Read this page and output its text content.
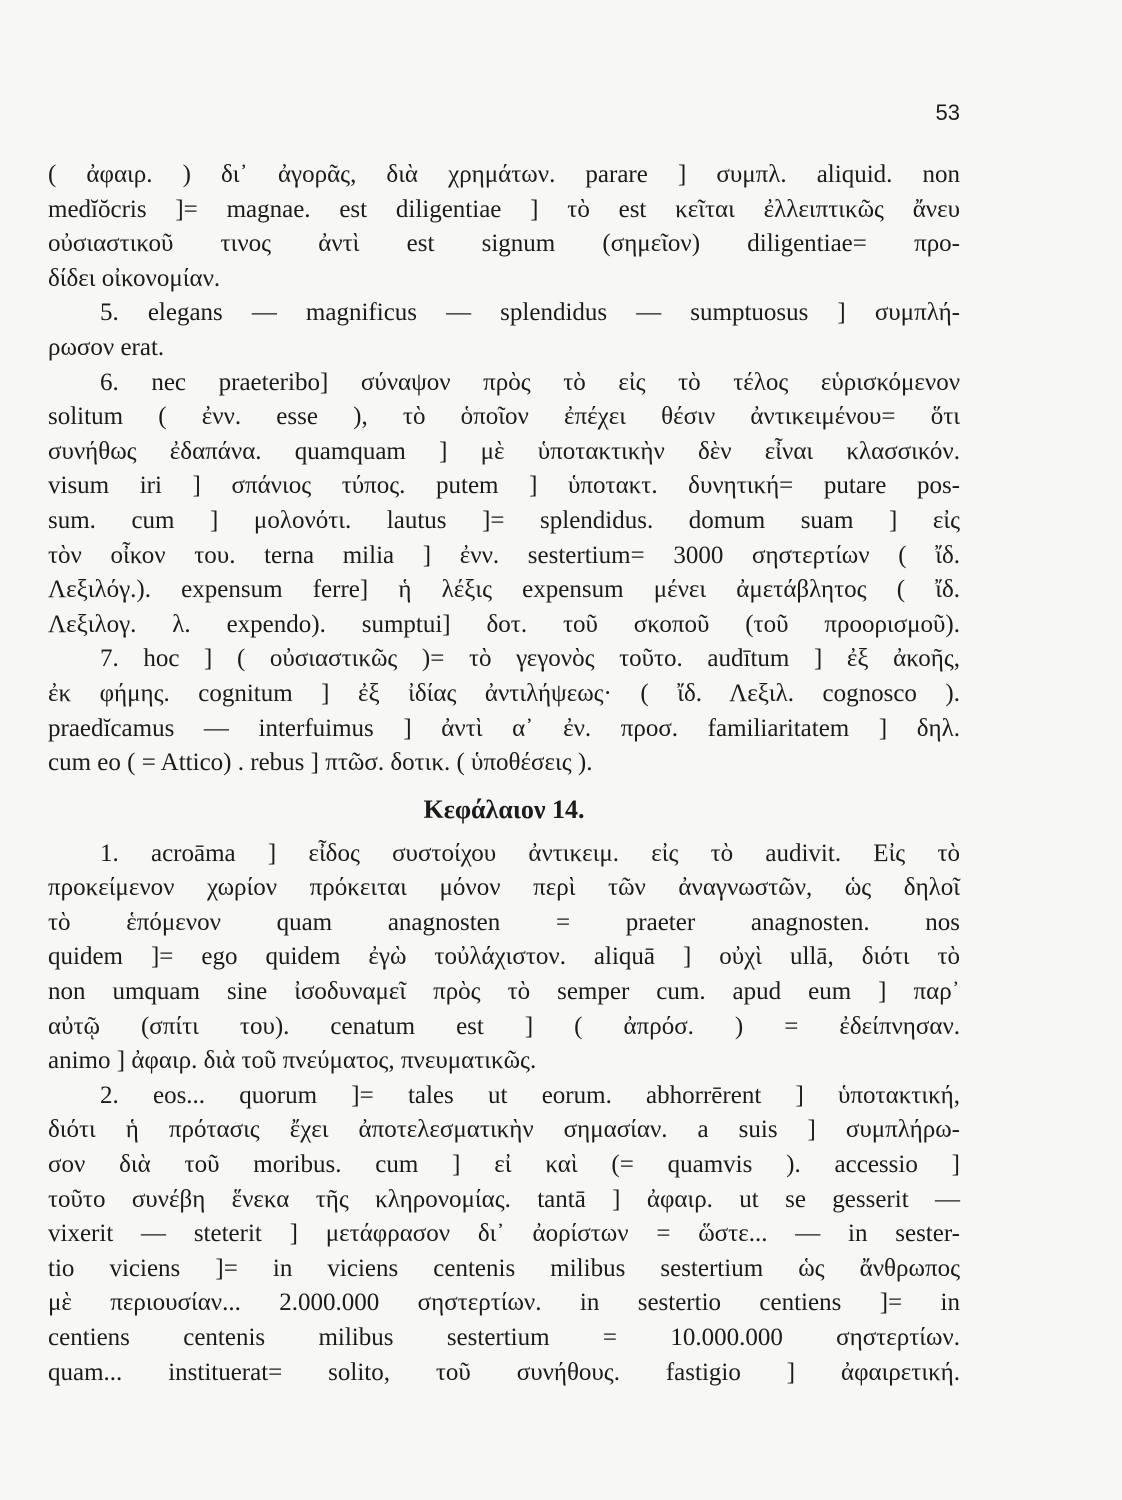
53
( ἀφαιρ. ) δι᾽ ἀγορᾶς, διὰ χρημάτων. parare ] συμπλ. aliquid. non
medĭŏcris ]= magnae. est diligentiae ] τὸ est κεῖται ἐλλειπτικῶς ἄνευ
οὐσιαστικοῦ τινος ἀντὶ est signum (σημεῖον) diligentiae= προ-
δίδει οἰκονομίαν.
5. elegans — magnificus — splendidus — sumptuosus ] συμπλή-
ρωσον erat.
6. nec praeteribo] σύναψον πρὸς τὸ εἰς τὸ τέλος εὑρισκόμενον
solitum ( ἐνν. esse ), τὸ ὁποῖον ἐπέχει θέσιν ἀντικειμένου= ὅτι
συνήθως ἐδαπάνα. quamquam ] μὲ ὑποτακτικὴν δὲν εἶναι κλασσικόν.
visum iri ] σπάνιος τύπος. putem ] ὑποτακτ. δυνητική= putare pos-
sum. cum ] μολονότι. lautus ]= splendidus. domum suam ] εἰς
τὸν οἶκον του. terna milia ] ἐνν. sestertium= 3000 σηστερτίων ( ἴδ.
Λεξιλόγ.). expensum ferre] ἡ λέξις expensum μένει ἀμετάβλητος ( ἴδ.
Λεξιλογ. λ. expendo). sumptui] δοτ. τοῦ σκοποῦ (τοῦ προορισμοῦ).
7. hoc ] ( οὐσιαστικῶς )= τὸ γεγονὸς τοῦτο. audītum ] ἐξ ἀκοῆς,
ἐκ φήμης. cognitum ] ἐξ ἰδίας ἀντιλήψεως· ( ἴδ. Λεξιλ. cognosco ).
praedĭcamus — interfuimus ] ἀντὶ α᾽ ἐν. προσ. familiaritatem ] δηλ.
cum eo ( = Attico) . rebus ] πτῶσ. δοτικ. ( ὑποθέσεις ).
Κεφάλαιον 14.
1. acroāma ] εἶδος συστοίχου ἀντικειμ. εἰς τὸ audivit. Εἰς τὸ
προκείμενον χωρίον πρόκειται μόνον περὶ τῶν ἀναγνωστῶν, ὡς δηλοῖ
τὸ ἑπόμενον quam anagnosten = praeter anagnosten. nos
quidem ]= ego quidem ἐγὼ τοὐλάχιστον. aliquā ] οὐχὶ ullā, διότι τὸ
non umquam sine ἰσοδυναμεῖ πρὸς τὸ semper cum. apud eum ] παρ᾽
αὐτῷ (σπίτι του). cenatum est ] ( ἀπρόσ. ) = ἐδείπνησαν.
animo ] ἀφαιρ. διὰ τοῦ πνεύματος, πνευματικῶς.
2. eos... quorum ]= tales ut eorum. abhorrērent ] ὑποτακτική,
διότι ἡ πρότασις ἔχει ἀποτελεσματικὴν σημασίαν. a suis ] συμπλήρω-
σον διὰ τοῦ moribus. cum ] εἰ καὶ (= quamvis ). accessio ]
τοῦτο συνέβη ἕνεκα τῆς κληρονομίας. tantā ] ἀφαιρ. ut se gesserit —
vixerit — steterit ] μετάφρασον δι᾽ ἀορίστων = ὥστε... — in sester-
tio viciens ]= in viciens centenis milibus sestertium ὡς ἄνθρωπος
μὲ περιουσίαν... 2.000.000 σηστερτίων. in sestertio centiens ]= in
centiens centenis milibus sestertium = 10.000.000 σηστερτίων.
quam... instituerat= solito, τοῦ συνήθους. fastigio ] ἀφαιρετική.
